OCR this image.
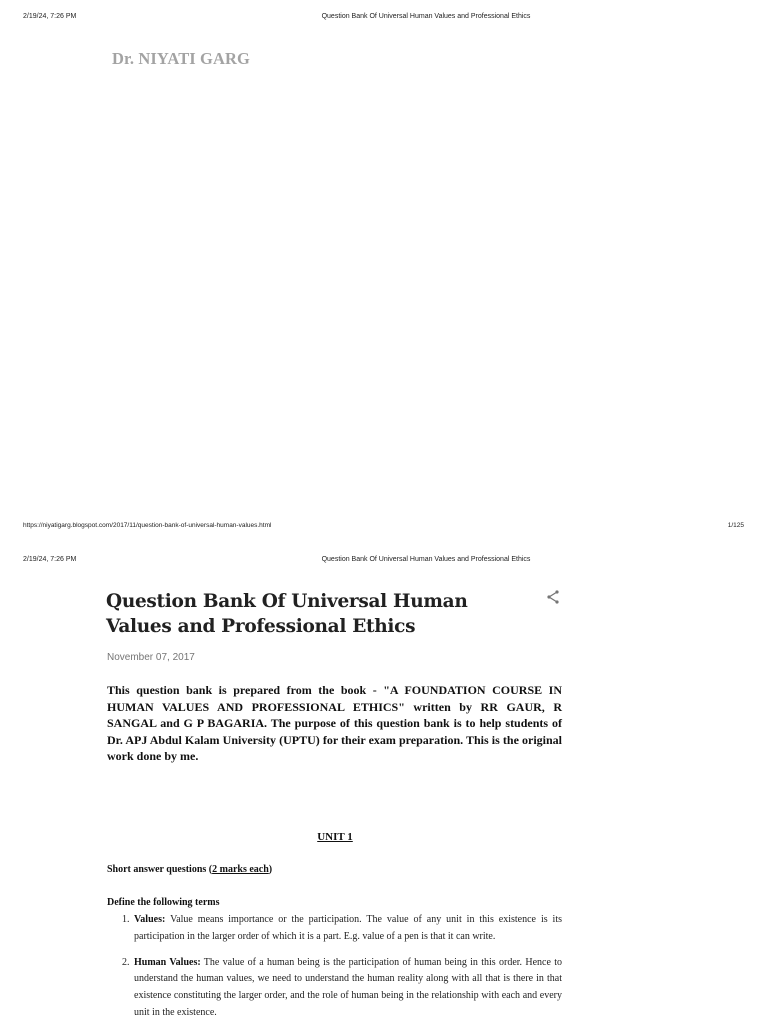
2/19/24, 7:26 PM	Question Bank Of Universal Human Values and Professional Ethics
Dr. NIYATI GARG
https://niyatigarg.blogspot.com/2017/11/question-bank-of-universal-human-values.html	1/125
2/19/24, 7:26 PM	Question Bank Of Universal Human Values and Professional Ethics
Question Bank Of Universal Human Values and Professional Ethics
November 07, 2017

This question bank is prepared from the book - "A FOUNDATION COURSE IN HUMAN VALUES AND PROFESSIONAL ETHICS" written by RR GAUR, R SANGAL and G P BAGARIA. The purpose of this question bank is to help students of Dr. APJ Abdul Kalam University (UPTU) for their exam preparation. This is the original work done by me.

UNIT 1
Short answer questions (2 marks each)
Define the following terms
1. Values: Value means importance or the participation. The value of any unit in this existence is its participation in the larger order of which it is a part. E.g. value of a pen is that it can write.
2. Human Values: The value of a human being is the participation of human being in this order. Hence to understand the human values, we need to understand the human reality along with all that is there in that existence constituting the larger order, and the role of human being in the relationship with each and every unit in the existence.
